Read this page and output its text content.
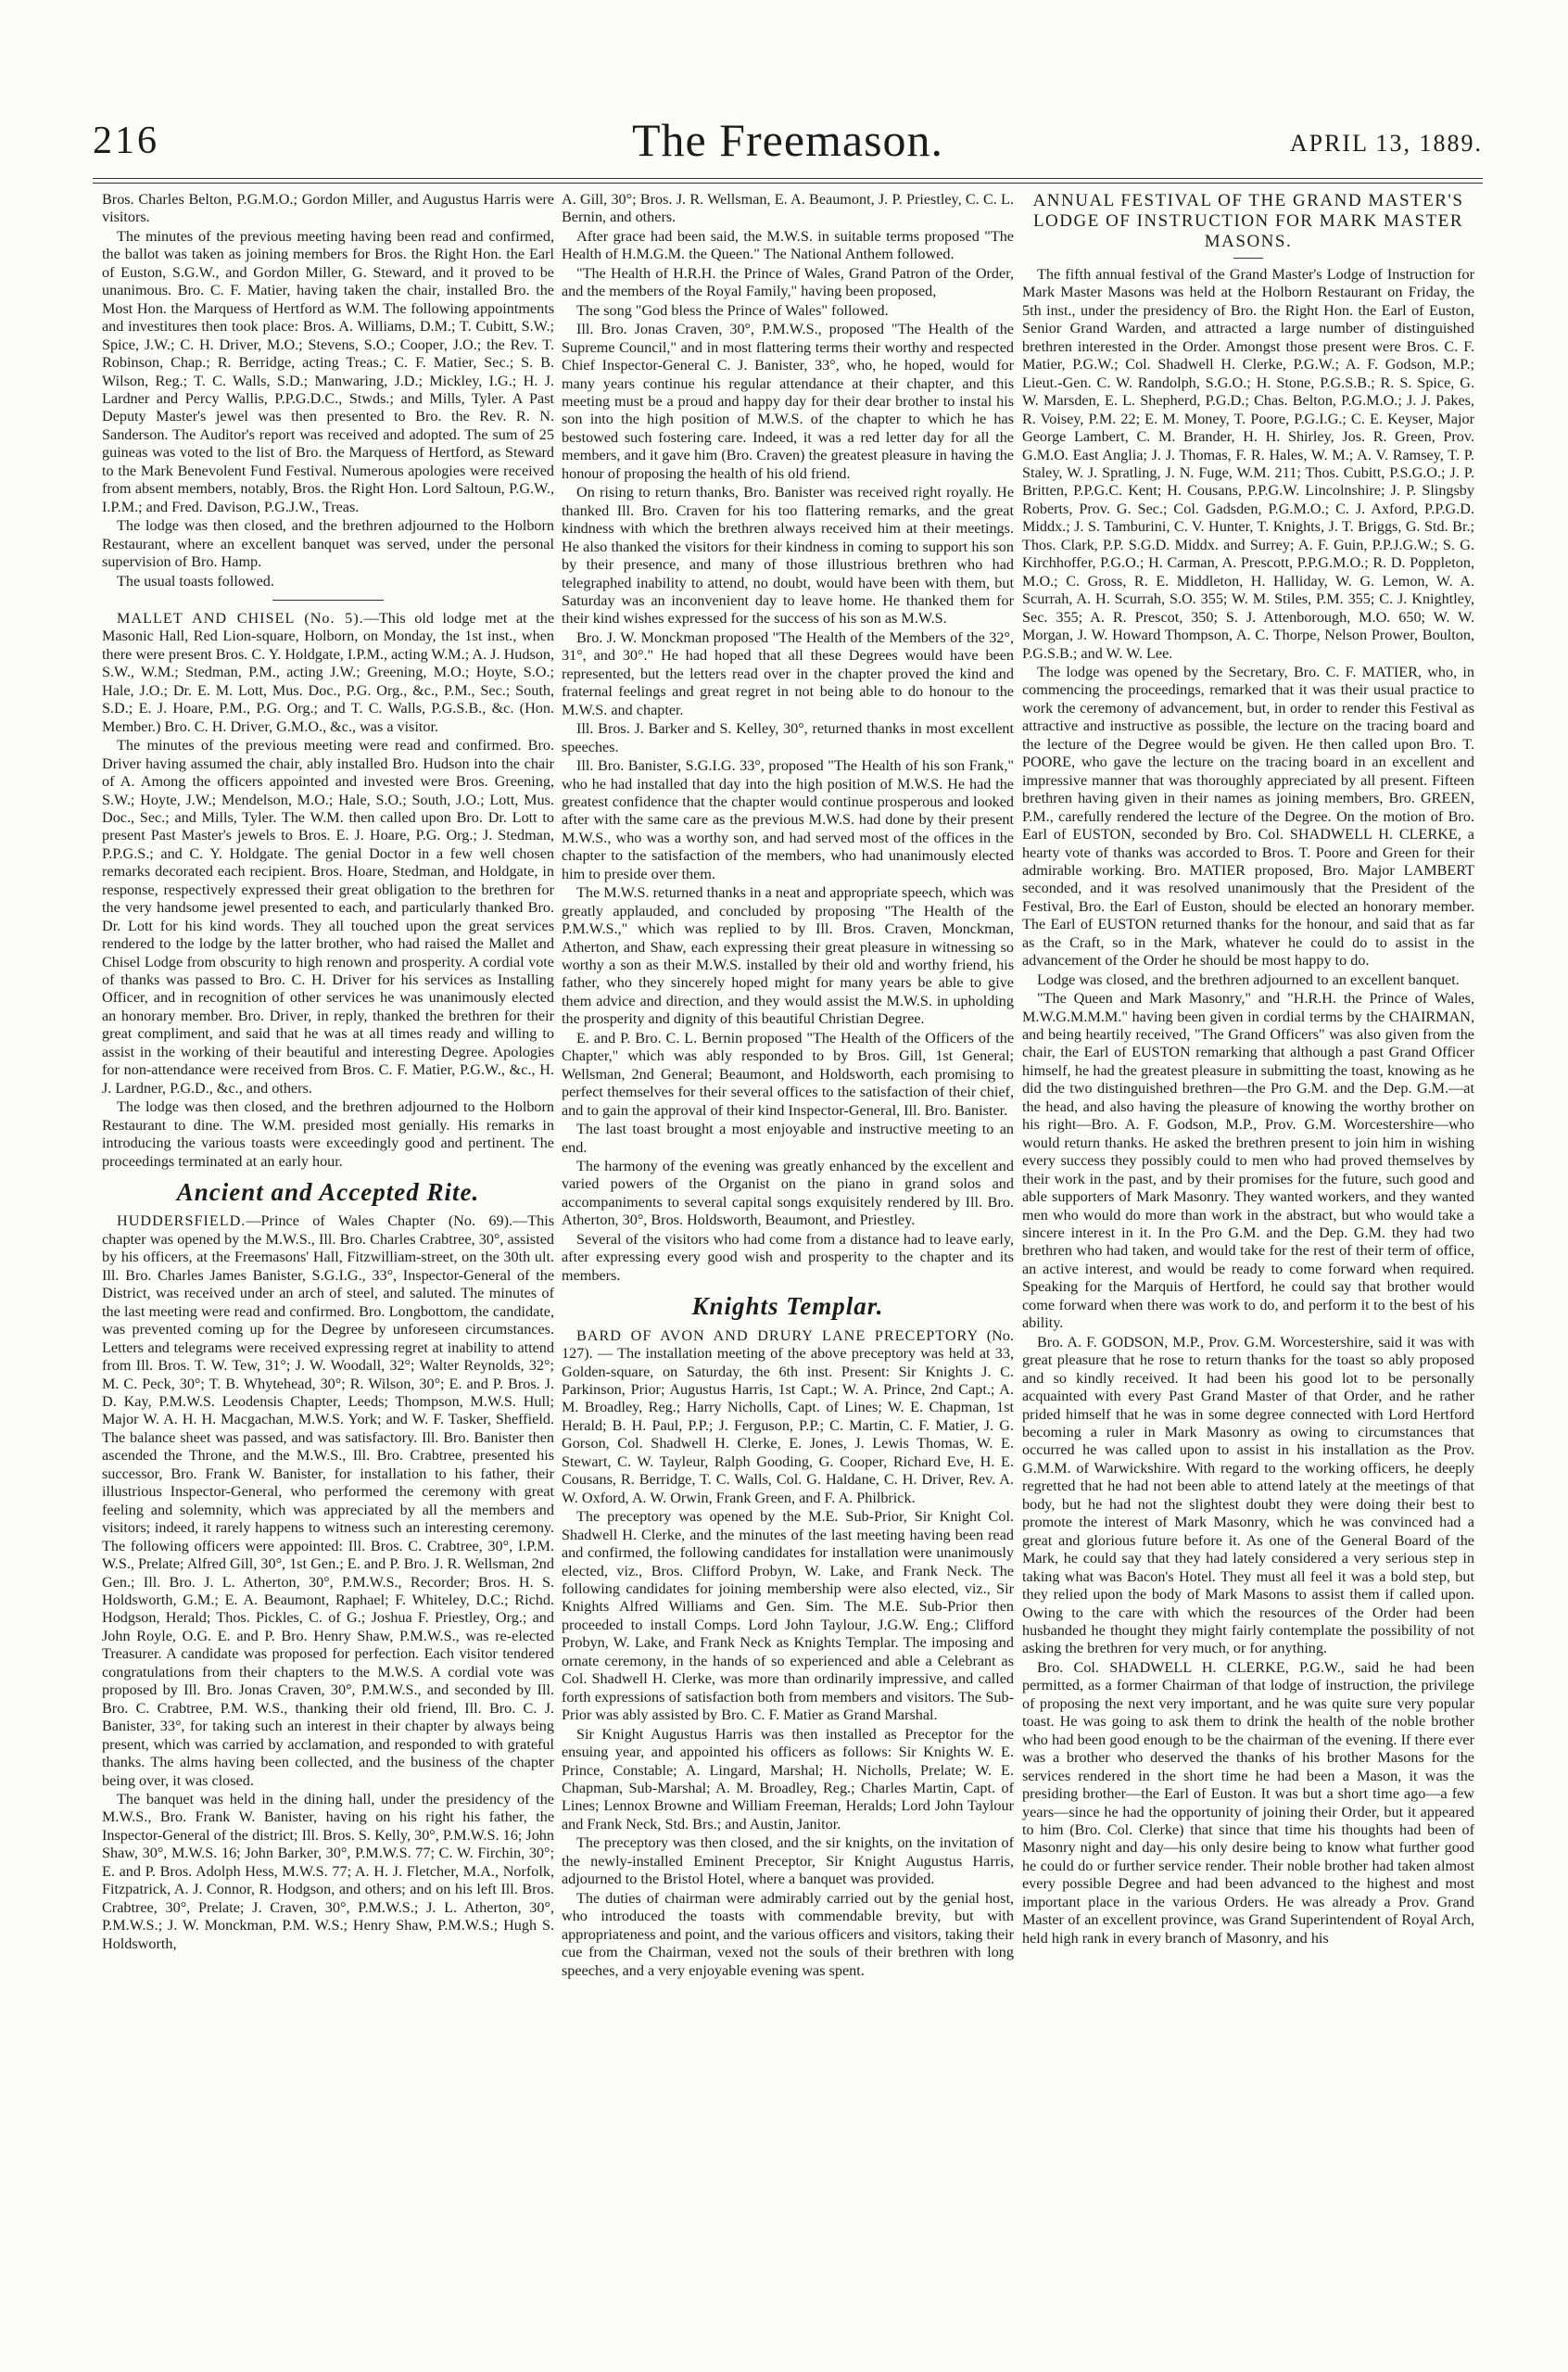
216	The Freemason.	APRIL 13, 1889.

Bros. Charles Belton, P.G.M.O.; Gordon Miller, and Augustus Harris were visitors.

The minutes of the previous meeting having been read and confirmed, the ballot was taken as joining members for Bros. the Right Hon. the Earl of Euston, S.G.W., and Gordon Miller, G. Steward, and it proved to be unanimous. Bro. C. F. Matier, having taken the chair, installed Bro. the Most Hon. the Marquess of Hertford as W.M. The following appointments and investitures then took place: Bros. A. Williams, D.M.; T. Cubitt, S.W.; Spice, J.W.; C. H. Driver, M.O.; Stevens, S.O.; Cooper, J.O.; the Rev. T. Robinson, Chap.; R. Berridge, acting Treas.; C. F. Matier, Sec.; S. B. Wilson, Reg.; T. C. Walls, S.D.; Manwaring, J.D.; Mickley, I.G.; H. J. Lardner and Percy Wallis, P.P.G.D.C., Stwds.; and Mills, Tyler. A Past Deputy Master's jewel was then presented to Bro. the Rev. R. N. Sanderson. The Auditor's report was received and adopted. The sum of 25 guineas was voted to the list of Bro. the Marquess of Hertford, as Steward to the Mark Benevolent Fund Festival. Numerous apologies were received from absent members, notably, Bros. the Right Hon. Lord Saltoun, P.G.W., I.P.M.; and Fred. Davison, P.G.J.W., Treas.

The lodge was then closed, and the brethren adjourned to the Holborn Restaurant, where an excellent banquet was served, under the personal supervision of Bro. Hamp.

The usual toasts followed.

MALLET AND CHISEL (No. 5).—This old lodge met at the Masonic Hall, Red Lion-square, Holborn, on Monday, the 1st inst., when there were present Bros. C. Y. Holdgate, I.P.M., acting W.M.; A. J. Hudson, S.W., W.M.; Stedman, P.M., acting J.W.; Greening, M.O.; Hoyte, S.O.; Hale, J.O.; Dr. E. M. Lott, Mus. Doc., P.G. Org., &c., P.M., Sec.; South, S.D.; E. J. Hoare, P.M., P.G. Org.; and T. C. Walls, P.G.S.B., &c. (Hon. Member.) Bro. C. H. Driver, G.M.O., &c., was a visitor.

The minutes of the previous meeting were read and confirmed. Bro. Driver having assumed the chair, ably installed Bro. Hudson into the chair of A. Among the officers appointed and invested were Bros. Greening, S.W.; Hoyte, J.W.; Mendelson, M.O.; Hale, S.O.; South, J.O.; Lott, Mus. Doc., Sec.; and Mills, Tyler. The W.M. then called upon Bro. Dr. Lott to present Past Master's jewels to Bros. E. J. Hoare, P.G. Org.; J. Stedman, P.P.G.S.; and C. Y. Holdgate. The genial Doctor in a few well chosen remarks decorated each recipient. Bros. Hoare, Stedman, and Holdgate, in response, respectively expressed their great obligation to the brethren for the very handsome jewel presented to each, and particularly thanked Bro. Dr. Lott for his kind words. They all touched upon the great services rendered to the lodge by the latter brother, who had raised the Mallet and Chisel Lodge from obscurity to high renown and prosperity. A cordial vote of thanks was passed to Bro. C. H. Driver for his services as Installing Officer, and in recognition of other services he was unanimously elected an honorary member. Bro. Driver, in reply, thanked the brethren for their great compliment, and said that he was at all times ready and willing to assist in the working of their beautiful and interesting Degree. Apologies for non-attendance were received from Bros. C. F. Matier, P.G.W., &c., H. J. Lardner, P.G.D., &c., and others.

The lodge was then closed, and the brethren adjourned to the Holborn Restaurant to dine. The W.M. presided most genially. His remarks in introducing the various toasts were exceedingly good and pertinent. The proceedings terminated at an early hour.

Ancient and Accepted Rite.

HUDDERSFIELD.—Prince of Wales Chapter (No. 69).—This chapter was opened by the M.W.S., Ill. Bro. Charles Crabtree, 30°, assisted by his officers, at the Freemasons' Hall, Fitzwilliam-street, on the 30th ult. Ill. Bro. Charles James Banister, S.G.I.G., 33°, Inspector-General of the District, was received under an arch of steel, and saluted. The minutes of the last meeting were read and confirmed. Bro. Longbottom, the candidate, was prevented coming up for the Degree by unforeseen circumstances. Letters and telegrams were received expressing regret at inability to attend from Ill. Bros. T. W. Tew, 31°; J. W. Woodall, 32°; Walter Reynolds, 32°; M. C. Peck, 30°; T. B. Whytehead, 30°; R. Wilson, 30°; E. and P. Bros. J. D. Kay, P.M.W.S. Leodensis Chapter, Leeds; Thompson, M.W.S. Hull; Major W. A. H. H. Macgachan, M.W.S. York; and W. F. Tasker, Sheffield. The balance sheet was passed, and was satisfactory. Ill. Bro. Banister then ascended the Throne, and the M.W.S., Ill. Bro. Crabtree, presented his successor, Bro. Frank W. Banister, for installation to his father, their illustrious Inspector-General, who performed the ceremony with great feeling and solemnity, which was appreciated by all the members and visitors; indeed, it rarely happens to witness such an interesting ceremony. The following officers were appointed: Ill. Bros. C. Crabtree, 30°, I.P.M. W.S., Prelate; Alfred Gill, 30°, 1st Gen.; E. and P. Bro. J. R. Wellsman, 2nd Gen.; Ill. Bro. J. L. Atherton, 30°, P.M.W.S., Recorder; Bros. H. S. Holdsworth, G.M.; E. A. Beaumont, Raphael; F. Whiteley, D.C.; Richd. Hodgson, Herald; Thos. Pickles, C. of G.; Joshua F. Priestley, Org.; and John Royle, O.G. E. and P. Bro. Henry Shaw, P.M.W.S., was re-elected Treasurer. A candidate was proposed for perfection. Each visitor tendered congratulations from their chapters to the M.W.S. A cordial vote was proposed by Ill. Bro. Jonas Craven, 30°, P.M.W.S., and seconded by Ill. Bro. C. Crabtree, P.M. W.S., thanking their old friend, Ill. Bro. C. J. Banister, 33°, for taking such an interest in their chapter by always being present, which was carried by acclamation, and responded to with grateful thanks. The alms having been collected, and the business of the chapter being over, it was closed.

The banquet was held in the dining hall, under the presidency of the M.W.S., Bro. Frank W. Banister, having on his right his father, the Inspector-General of the district; Ill. Bros. S. Kelly, 30°, P.M.W.S. 16; John Shaw, 30°, M.W.S. 16; John Barker, 30°, P.M.W.S. 77; C. W. Firchin, 30°; E. and P. Bros. Adolph Hess, M.W.S. 77; A. H. J. Fletcher, M.A., Norfolk, Fitzpatrick, A. J. Connor, R. Hodgson, and others; and on his left Ill. Bros. Crabtree, 30°, Prelate; J. Craven, 30°, P.M.W.S.; J. L. Atherton, 30°, P.M.W.S.; J. W. Monckman, P.M. W.S.; Henry Shaw, P.M.W.S.; Hugh S. Holdsworth,

A. Gill, 30°; Bros. J. R. Wellsman, E. A. Beaumont, J. P. Priestley, C. C. L. Bernin, and others.

After grace had been said, the M.W.S. in suitable terms proposed "The Health of H.M.G.M. the Queen." The National Anthem followed.

"The Health of H.R.H. the Prince of Wales, Grand Patron of the Order, and the members of the Royal Family," having been proposed,

The song "God bless the Prince of Wales" followed.

Ill. Bro. Jonas Craven, 30°, P.M.W.S., proposed "The Health of the Supreme Council," and in most flattering terms their worthy and respected Chief Inspector-General C. J. Banister, 33°, who, he hoped, would for many years continue his regular attendance at their chapter, and this meeting must be a proud and happy day for their dear brother to instal his son into the high position of M.W.S. of the chapter to which he has bestowed such fostering care. Indeed, it was a red letter day for all the members, and it gave him (Bro. Craven) the greatest pleasure in having the honour of proposing the health of his old friend.

On rising to return thanks, Bro. Banister was received right royally. He thanked Ill. Bro. Craven for his too flattering remarks, and the great kindness with which the brethren always received him at their meetings. He also thanked the visitors for their kindness in coming to support his son by their presence, and many of those illustrious brethren who had telegraphed inability to attend, no doubt, would have been with them, but Saturday was an inconvenient day to leave home. He thanked them for their kind wishes expressed for the success of his son as M.W.S.

Bro. J. W. Monckman proposed "The Health of the Members of the 32°, 31°, and 30°." He had hoped that all these Degrees would have been represented, but the letters read over in the chapter proved the kind and fraternal feelings and great regret in not being able to do honour to the M.W.S. and chapter.

Ill. Bros. J. Barker and S. Kelley, 30°, returned thanks in most excellent speeches.

Ill. Bro. Banister, S.G.I.G. 33°, proposed "The Health of his son Frank," who he had installed that day into the high position of M.W.S. He had the greatest confidence that the chapter would continue prosperous and looked after with the same care as the previous M.W.S. had done by their present M.W.S., who was a worthy son, and had served most of the offices in the chapter to the satisfaction of the members, who had unanimously elected him to preside over them.

The M.W.S. returned thanks in a neat and appropriate speech, which was greatly applauded, and concluded by proposing "The Health of the P.M.W.S.," which was replied to by Ill. Bros. Craven, Monckman, Atherton, and Shaw, each expressing their great pleasure in witnessing so worthy a son as their M.W.S. installed by their old and worthy friend, his father, who they sincerely hoped might for many years be able to give them advice and direction, and they would assist the M.W.S. in upholding the prosperity and dignity of this beautiful Christian Degree.

E. and P. Bro. C. L. Bernin proposed "The Health of the Officers of the Chapter," which was ably responded to by Bros. Gill, 1st General; Wellsman, 2nd General; Beaumont, and Holdsworth, each promising to perfect themselves for their several offices to the satisfaction of their chief, and to gain the approval of their kind Inspector-General, Ill. Bro. Banister.

The last toast brought a most enjoyable and instructive meeting to an end.

The harmony of the evening was greatly enhanced by the excellent and varied powers of the Organist on the piano in grand solos and accompaniments to several capital songs exquisitely rendered by Ill. Bro. Atherton, 30°, Bros. Holdsworth, Beaumont, and Priestley.

Several of the visitors who had come from a distance had to leave early, after expressing every good wish and prosperity to the chapter and its members.

Knights Templar.

BARD OF AVON AND DRURY LANE PRECEPTORY (No. 127). — The installation meeting of the above preceptory was held at 33, Golden-square, on Saturday, the 6th inst. Present: Sir Knights J. C. Parkinson, Prior; Augustus Harris, 1st Capt.; W. A. Prince, 2nd Capt.; A. M. Broadley, Reg.; Harry Nicholls, Capt. of Lines; W. E. Chapman, 1st Herald; B. H. Paul, P.P.; J. Ferguson, P.P.; C. Martin, C. F. Matier, J. G. Gorson, Col. Shadwell H. Clerke, E. Jones, J. Lewis Thomas, W. E. Stewart, C. W. Tayleur, Ralph Gooding, G. Cooper, Richard Eve, H. E. Cousans, R. Berridge, T. C. Walls, Col. G. Haldane, C. H. Driver, Rev. A. W. Oxford, A. W. Orwin, Frank Green, and F. A. Philbrick.

The preceptory was opened by the M.E. Sub-Prior, Sir Knight Col. Shadwell H. Clerke, and the minutes of the last meeting having been read and confirmed, the following candidates for installation were unanimously elected, viz., Bros. Clifford Probyn, W. Lake, and Frank Neck. The following candidates for joining membership were also elected, viz., Sir Knights Alfred Williams and Gen. Sim. The M.E. Sub-Prior then proceeded to install Comps. Lord John Taylour, J.G.W. Eng.; Clifford Probyn, W. Lake, and Frank Neck as Knights Templar. The imposing and ornate ceremony, in the hands of so experienced and able a Celebrant as Col. Shadwell H. Clerke, was more than ordinarily impressive, and called forth expressions of satisfaction both from members and visitors. The Sub-Prior was ably assisted by Bro. C. F. Matier as Grand Marshal.

Sir Knight Augustus Harris was then installed as Preceptor for the ensuing year, and appointed his officers as follows: Sir Knights W. E. Prince, Constable; A. Lingard, Marshal; H. Nicholls, Prelate; W. E. Chapman, Sub-Marshal; A. M. Broadley, Reg.; Charles Martin, Capt. of Lines; Lennox Browne and William Freeman, Heralds; Lord John Taylour and Frank Neck, Std. Brs.; and Austin, Janitor.

The preceptory was then closed, and the sir knights, on the invitation of the newly-installed Eminent Preceptor, Sir Knight Augustus Harris, adjourned to the Bristol Hotel, where a banquet was provided.

The duties of chairman were admirably carried out by the genial host, who introduced the toasts with commendable brevity, but with appropriateness and point, and the various officers and visitors, taking their cue from the Chairman, vexed not the souls of their brethren with long speeches, and a very enjoyable evening was spent.

ANNUAL FESTIVAL OF THE GRAND MASTER'S LODGE OF INSTRUCTION FOR MARK MASTER MASONS.

The fifth annual festival of the Grand Master's Lodge of Instruction for Mark Master Masons was held at the Holborn Restaurant on Friday, the 5th inst., under the presidency of Bro. the Right Hon. the Earl of Euston, Senior Grand Warden, and attracted a large number of distinguished brethren interested in the Order. Amongst those present were Bros. C. F. Matier, P.G.W.; Col. Shadwell H. Clerke, P.G.W.; A. F. Godson, M.P.; Lieut.-Gen. C. W. Randolph, S.G.O.; H. Stone, P.G.S.B.; R. S. Spice, G. W. Marsden, E. L. Shepherd, P.G.D.; Chas. Belton, P.G.M.O.; J. J. Pakes, R. Voisey, P.M. 22; E. M. Money, T. Poore, P.G.I.G.; C. E. Keyser, Major George Lambert, C. M. Brander, H. H. Shirley, Jos. R. Green, Prov. G.M.O. East Anglia; J. J. Thomas, F. R. Hales, W. M.; A. V. Ramsey, T. P. Staley, W. J. Spratling, J. N. Fuge, W.M. 211; Thos. Cubitt, P.S.G.O.; J. P. Britten, P.P.G.C. Kent; H. Cousans, P.P.G.W. Lincolnshire; J. P. Slingsby Roberts, Prov. G. Sec.; Col. Gadsden, P.G.M.O.; C. J. Axford, P.P.G.D. Middx.; J. S. Tamburini, C. V. Hunter, T. Knights, J. T. Briggs, G. Std. Br.; Thos. Clark, P.P. S.G.D. Middx. and Surrey; A. F. Guin, P.P.J.G.W.; S. G. Kirchhoffer, P.G.O.; H. Carman, A. Prescott, P.P.G.M.O.; R. D. Poppleton, M.O.; C. Gross, R. E. Middleton, H. Halliday, W. G. Lemon, W. A. Scurrah, A. H. Scurrah, S.O. 355; W. M. Stiles, P.M. 355; C. J. Knightley, Sec. 355; A. R. Prescot, 350; S. J. Attenborough, M.O. 650; W. W. Morgan, J. W. Howard Thompson, A. C. Thorpe, Nelson Prower, Boulton, P.G.S.B.; and W. W. Lee.

The lodge was opened by the Secretary, Bro. C. F. MATIER, who, in commencing the proceedings, remarked that it was their usual practice to work the ceremony of advancement, but, in order to render this Festival as attractive and instructive as possible, the lecture on the tracing board and the lecture of the Degree would be given. He then called upon Bro. T. POORE, who gave the lecture on the tracing board in an excellent and impressive manner that was thoroughly appreciated by all present. Fifteen brethren having given in their names as joining members, Bro. GREEN, P.M., carefully rendered the lecture of the Degree. On the motion of Bro. Earl of EUSTON, seconded by Bro. Col. SHADWELL H. CLERKE, a hearty vote of thanks was accorded to Bros. T. Poore and Green for their admirable working. Bro. MATIER proposed, Bro. Major LAMBERT seconded, and it was resolved unanimously that the President of the Festival, Bro. the Earl of Euston, should be elected an honorary member. The Earl of EUSTON returned thanks for the honour, and said that as far as the Craft, so in the Mark, whatever he could do to assist in the advancement of the Order he should be most happy to do.

Lodge was closed, and the brethren adjourned to an excellent banquet.

"The Queen and Mark Masonry," and "H.R.H. the Prince of Wales, M.W.G.M.M.M." having been given in cordial terms by the CHAIRMAN, and being heartily received, "The Grand Officers" was also given from the chair, the Earl of EUSTON remarking that although a past Grand Officer himself, he had the greatest pleasure in submitting the toast, knowing as he did the two distinguished brethren—the Pro G.M. and the Dep. G.M.—at the head, and also having the pleasure of knowing the worthy brother on his right—Bro. A. F. Godson, M.P., Prov. G.M. Worcestershire—who would return thanks. He asked the brethren present to join him in wishing every success they possibly could to men who had proved themselves by their work in the past, and by their promises for the future, such good and able supporters of Mark Masonry. They wanted workers, and they wanted men who would do more than work in the abstract, but who would take a sincere interest in it. In the Pro G.M. and the Dep. G.M. they had two brethren who had taken, and would take for the rest of their term of office, an active interest, and would be ready to come forward when required. Speaking for the Marquis of Hertford, he could say that brother would come forward when there was work to do, and perform it to the best of his ability.

Bro. A. F. GODSON, M.P., Prov. G.M. Worcestershire, said it was with great pleasure that he rose to return thanks for the toast so ably proposed and so kindly received. It had been his good lot to be personally acquainted with every Past Grand Master of that Order, and he rather prided himself that he was in some degree connected with Lord Hertford becoming a ruler in Mark Masonry as owing to circumstances that occurred he was called upon to assist in his installation as the Prov. G.M.M. of Warwickshire. With regard to the working officers, he deeply regretted that he had not been able to attend lately at the meetings of that body, but he had not the slightest doubt they were doing their best to promote the interest of Mark Masonry, which he was convinced had a great and glorious future before it. As one of the General Board of the Mark, he could say that they had lately considered a very serious step in taking what was Bacon's Hotel. They must all feel it was a bold step, but they relied upon the body of Mark Masons to assist them if called upon. Owing to the care with which the resources of the Order had been husbanded he thought they might fairly contemplate the possibility of not asking the brethren for very much, or for anything.

Bro. Col. SHADWELL H. CLERKE, P.G.W., said he had been permitted, as a former Chairman of that lodge of instruction, the privilege of proposing the next very important, and he was quite sure very popular toast. He was going to ask them to drink the health of the noble brother who had been good enough to be the chairman of the evening. If there ever was a brother who deserved the thanks of his brother Masons for the services rendered in the short time he had been a Mason, it was the presiding brother—the Earl of Euston. It was but a short time ago—a few years—since he had the opportunity of joining their Order, but it appeared to him (Bro. Col. Clerke) that since that time his thoughts had been of Masonry night and day—his only desire being to know what further good he could do or further service render. Their noble brother had taken almost every possible Degree and had been advanced to the highest and most important place in the various Orders. He was already a Prov. Grand Master of an excellent province, was Grand Superintendent of Royal Arch, held high rank in every branch of Masonry, and his
